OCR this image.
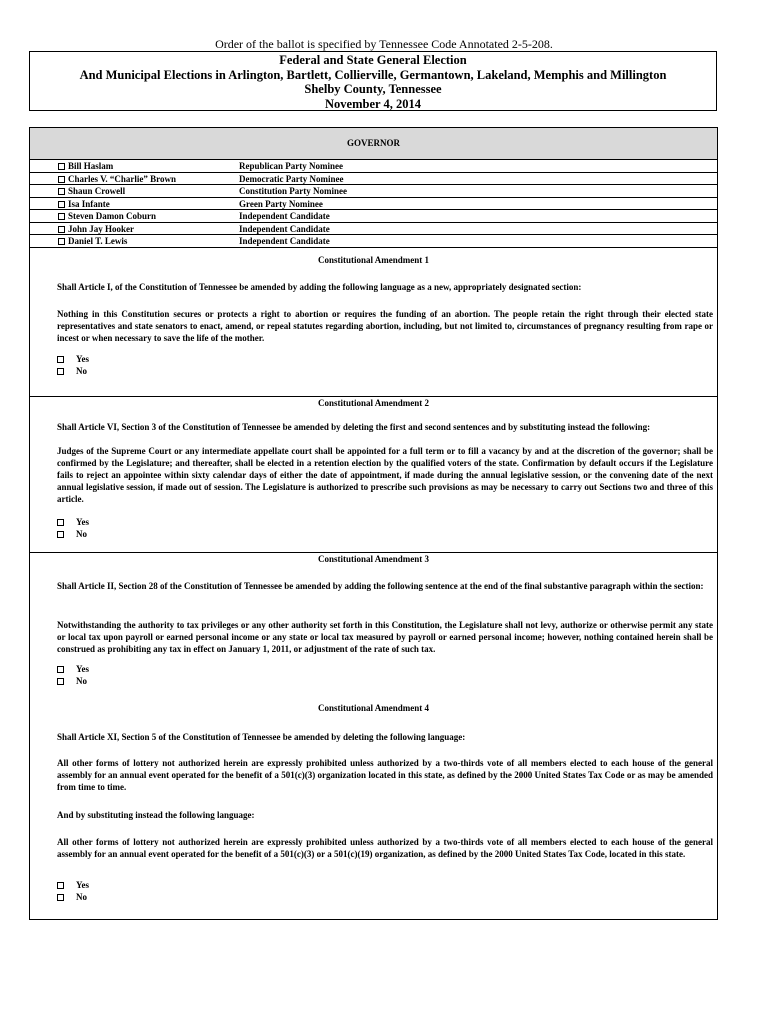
Order of the ballot is specified by Tennessee Code Annotated 2-5-208.
Federal and State General Election
And Municipal Elections in Arlington, Bartlett, Collierville, Germantown, Lakeland, Memphis and Millington
Shelby County, Tennessee
November 4, 2014
GOVERNOR
Bill Haslam	Republican Party Nominee
Charles V. “Charlie” Brown	Democratic Party Nominee
Shaun Crowell	Constitution Party Nominee
Isa Infante	Green Party Nominee
Steven Damon Coburn	Independent Candidate
John Jay Hooker	Independent Candidate
Daniel T. Lewis	Independent Candidate
Constitutional Amendment 1
Shall Article I, of the Constitution of Tennessee be amended by adding the following language as a new, appropriately designated section:
Nothing in this Constitution secures or protects a right to abortion or requires the funding of an abortion. The people retain the right through their elected state representatives and state senators to enact, amend, or repeal statutes regarding abortion, including, but not limited to, circumstances of pregnancy resulting from rape or incest or when necessary to save the life of the mother.
Yes
No
Constitutional Amendment 2
Shall Article VI, Section 3 of the Constitution of Tennessee be amended by deleting the first and second sentences and by substituting instead the following:
Judges of the Supreme Court or any intermediate appellate court shall be appointed for a full term or to fill a vacancy by and at the discretion of the governor; shall be confirmed by the Legislature; and thereafter, shall be elected in a retention election by the qualified voters of the state. Confirmation by default occurs if the Legislature fails to reject an appointee within sixty calendar days of either the date of appointment, if made during the annual legislative session, or the convening date of the next annual legislative session, if made out of session. The Legislature is authorized to prescribe such provisions as may be necessary to carry out Sections two and three of this article.
Yes
No
Constitutional Amendment 3
Shall Article II, Section 28 of the Constitution of Tennessee be amended by adding the following sentence at the end of the final substantive paragraph within the section:
Notwithstanding the authority to tax privileges or any other authority set forth in this Constitution, the Legislature shall not levy, authorize or otherwise permit any state or local tax upon payroll or earned personal income or any state or local tax measured by payroll or earned personal income; however, nothing contained herein shall be construed as prohibiting any tax in effect on January 1, 2011, or adjustment of the rate of such tax.
Yes
No
Constitutional Amendment 4
Shall Article XI, Section 5 of the Constitution of Tennessee be amended by deleting the following language:
All other forms of lottery not authorized herein are expressly prohibited unless authorized by a two-thirds vote of all members elected to each house of the general assembly for an annual event operated for the benefit of a 501(c)(3) organization located in this state, as defined by the 2000 United States Tax Code or as may be amended from time to time.
And by substituting instead the following language:
All other forms of lottery not authorized herein are expressly prohibited unless authorized by a two-thirds vote of all members elected to each house of the general assembly for an annual event operated for the benefit of a 501(c)(3) or a 501(c)(19) organization, as defined by the 2000 United States Tax Code, located in this state.
Yes
No
